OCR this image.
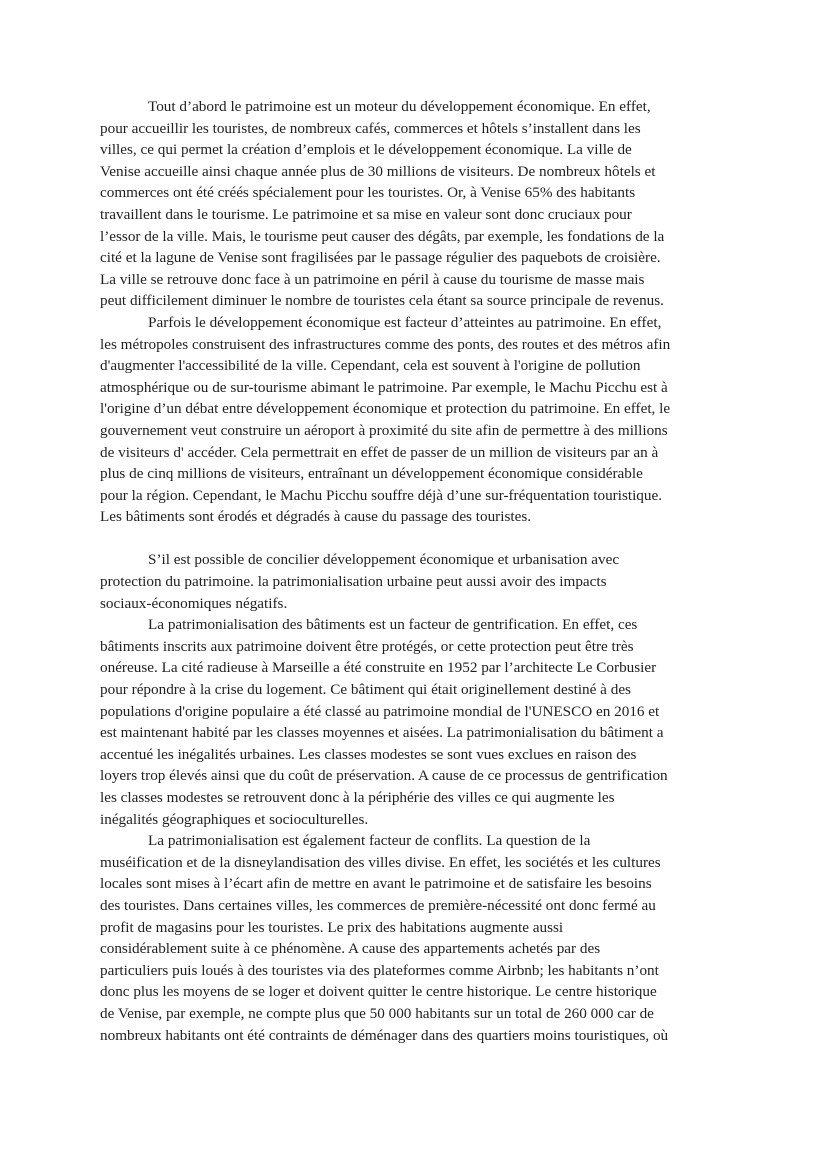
Tout d’abord le patrimoine est un moteur du développement économique. En effet,
pour accueillir les touristes, de nombreux cafés, commerces et hôtels s’installent dans les
villes, ce qui permet la création d’emplois et le développement économique. La ville de
Venise accueille ainsi chaque année plus de 30 millions de visiteurs. De nombreux hôtels et
commerces ont été créés spécialement pour les touristes. Or, à Venise 65% des habitants
travaillent dans le tourisme. Le patrimoine et sa mise en valeur sont donc cruciaux pour
l’essor de la ville. Mais, le tourisme peut causer des dégâts, par exemple, les fondations de la
cité et la lagune de Venise sont fragilisées par le passage régulier des paquebots de croisière.
La ville se retrouve donc face à un patrimoine en péril à cause du tourisme de masse mais
peut difficilement diminuer le nombre de touristes cela étant sa source principale de revenus.

Parfois le développement économique est facteur d’atteintes au patrimoine. En effet,
les métropoles construisent des infrastructures comme des ponts, des routes et des métros afin
d'augmenter l'accessibilité de la ville. Cependant, cela est souvent à l'origine de pollution
atmosphérique ou de sur-tourisme abimant le patrimoine. Par exemple, le Machu Picchu est à
l'origine d’un débat entre développement économique et protection du patrimoine. En effet, le
gouvernement veut construire un aéroport à proximité du site afin de permettre à des millions
de visiteurs d' accéder. Cela permettrait en effet de passer de un million de visiteurs par an à
plus de cinq millions de visiteurs, entraînant un développement économique considérable
pour la région. Cependant, le Machu Picchu souffre déjà d’une sur-fréquentation touristique.
Les bâtiments sont érodés et dégradés à cause du passage des touristes.

S’il est possible de concilier développement économique et urbanisation avec
protection du patrimoine. la patrimonialisation urbaine peut aussi avoir des impacts
sociaux-économiques négatifs.

La patrimonialisation des bâtiments est un facteur de gentrification. En effet, ces
bâtiments inscrits aux patrimoine doivent être protégés, or cette protection peut être très
onéreuse. La cité radieuse à Marseille a été construite en 1952 par l’architecte Le Corbusier
pour répondre à la crise du logement. Ce bâtiment qui était originellement destiné à des
populations d'origine populaire a été classé au patrimoine mondial de l'UNESCO en 2016 et
est maintenant habité par les classes moyennes et aisées. La patrimonialisation du bâtiment a
accentué les inégalités urbaines. Les classes modestes se sont vues exclues en raison des
loyers trop élevés ainsi que du coût de préservation. A cause de ce processus de gentrification
les classes modestes se retrouvent donc à la périphérie des villes ce qui augmente les
inégalités géographiques et socioculturelles.

La patrimonialisation est également facteur de conflits. La question de la
muséification et de la disneylandisation des villes divise. En effet, les sociétés et les cultures
locales sont mises à l’écart afin de mettre en avant le patrimoine et de satisfaire les besoins
des touristes. Dans certaines villes, les commerces de première-nécessité ont donc fermé au
profit de magasins pour les touristes. Le prix des habitations augmente aussi
considérablement suite à ce phénomène. A cause des appartements achetés par des
particuliers puis loués à des touristes via des plateformes comme Airbnb; les habitants n’ont
donc plus les moyens de se loger et doivent quitter le centre historique. Le centre historique
de Venise, par exemple, ne compte plus que 50 000 habitants sur un total de 260 000 car de
nombreux habitants ont été contraints de déménager dans des quartiers moins touristiques, où
